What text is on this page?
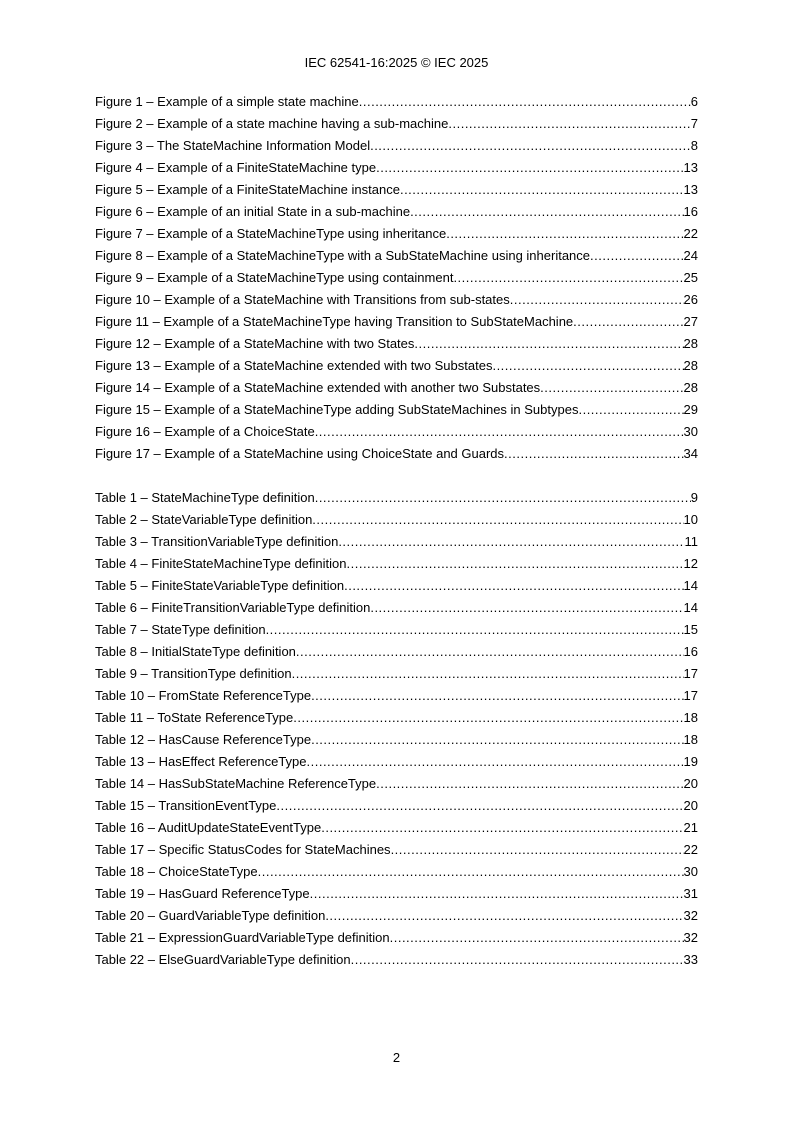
IEC 62541-16:2025 © IEC 2025
Figure 1 – Example of a simple state machine .....	6
Figure 2 – Example of a state machine having a sub-machine .....	7
Figure 3 – The StateMachine Information Model .....	8
Figure 4 – Example of a FiniteStateMachine type .....	13
Figure 5 – Example of a FiniteStateMachine instance .....	13
Figure 6 – Example of an initial State in a sub-machine .....	16
Figure 7 – Example of a StateMachineType using inheritance .....	22
Figure 8 – Example of a StateMachineType with a SubStateMachine using inheritance .....	24
Figure 9 – Example of a StateMachineType using containment .....	25
Figure 10 – Example of a StateMachine with Transitions from sub-states .....	26
Figure 11 – Example of a StateMachineType having Transition to SubStateMachine .....	27
Figure 12 – Example of a StateMachine with two States .....	28
Figure 13 – Example of a StateMachine extended with two Substates .....	28
Figure 14 – Example of a StateMachine extended with another two Substates .....	28
Figure 15 – Example of a StateMachineType adding SubStateMachines in Subtypes .....	29
Figure 16 – Example of a ChoiceState .....	30
Figure 17 – Example of a StateMachine using ChoiceState and Guards .....	34
Table 1 – StateMachineType definition .....	9
Table 2 – StateVariableType definition .....	10
Table 3 – TransitionVariableType definition .....	11
Table 4 – FiniteStateMachineType definition .....	12
Table 5 – FiniteStateVariableType definition .....	14
Table 6 – FiniteTransitionVariableType definition .....	14
Table 7 – StateType definition .....	15
Table 8 – InitialStateType definition .....	16
Table 9 – TransitionType definition .....	17
Table 10 – FromState ReferenceType .....	17
Table 11 – ToState ReferenceType .....	18
Table 12 – HasCause ReferenceType .....	18
Table 13 – HasEffect ReferenceType .....	19
Table 14 – HasSubStateMachine ReferenceType .....	20
Table 15 – TransitionEventType .....	20
Table 16 – AuditUpdateStateEventType .....	21
Table 17 – Specific StatusCodes for StateMachines .....	22
Table 18 – ChoiceStateType .....	30
Table 19 – HasGuard ReferenceType .....	31
Table 20 – GuardVariableType definition .....	32
Table 21 – ExpressionGuardVariableType definition .....	32
Table 22 – ElseGuardVariableType definition .....	33
2
